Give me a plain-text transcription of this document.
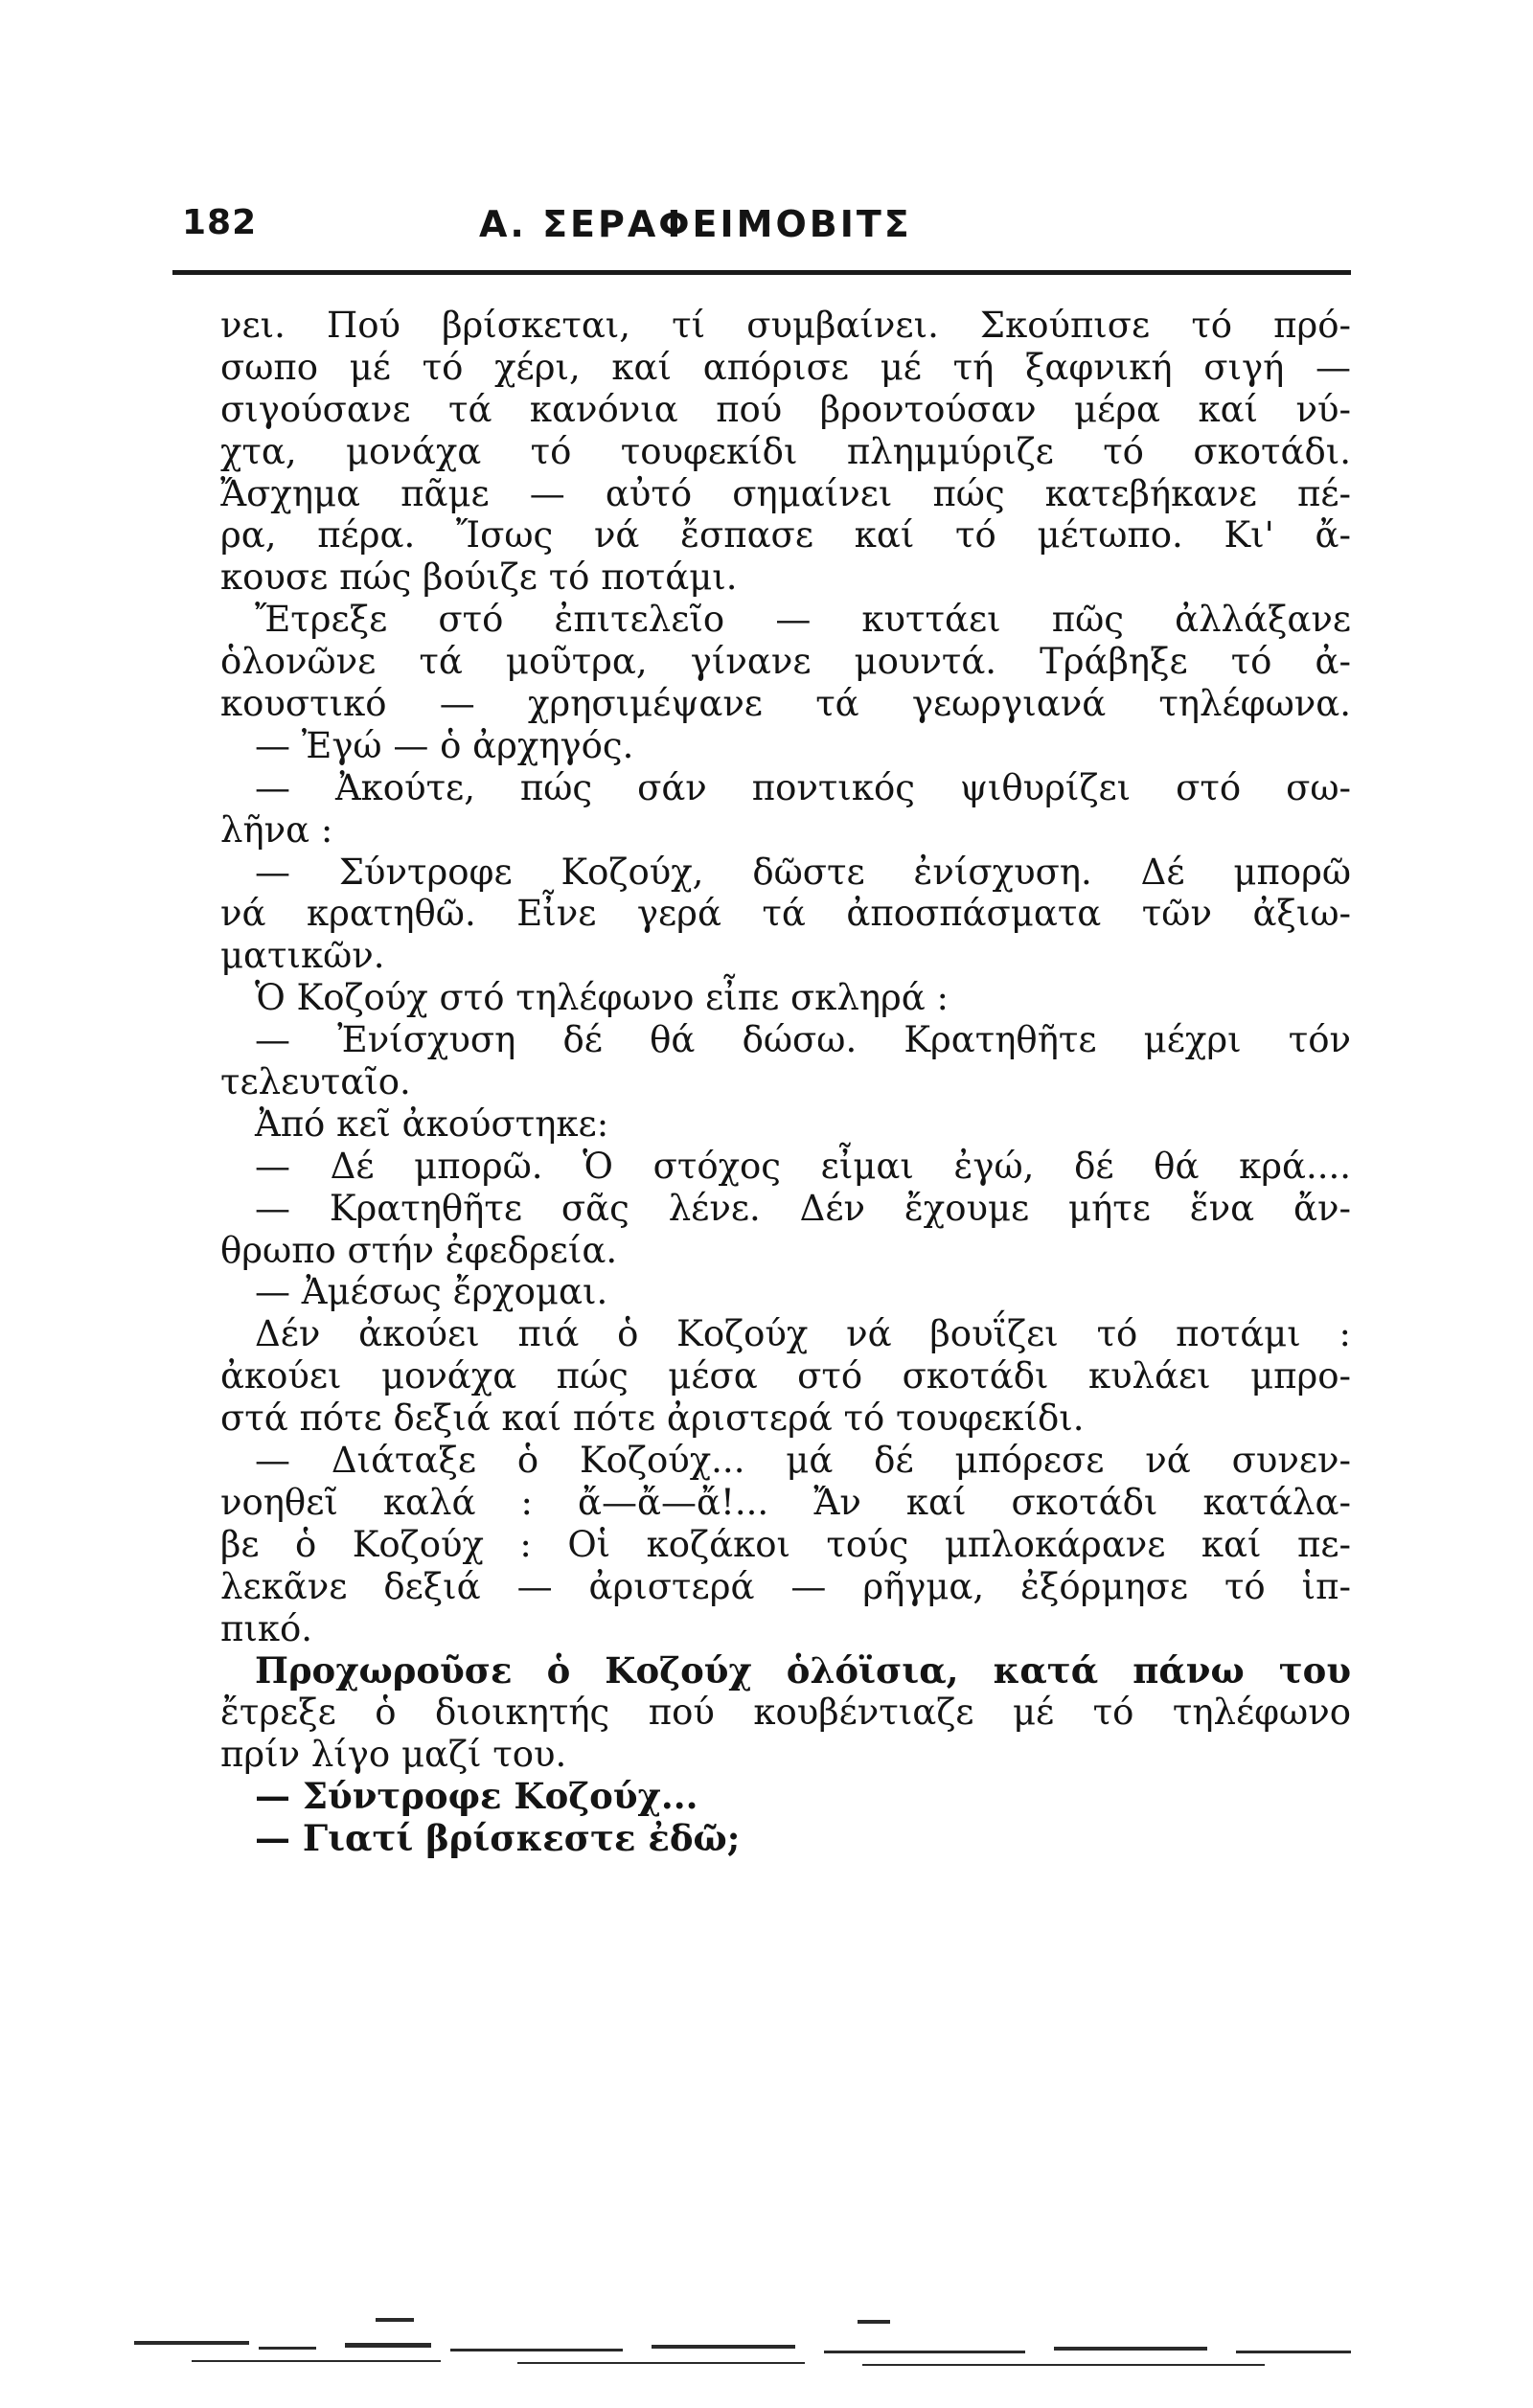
182	Α. ΣΕΡΑΦΕΙΜΟΒΙΤΣ
νει. Πού βρίσκεται, τί συμβαίνει. Σκούπισε τό πρό-
σωπο μέ τό χέρι, καί απόρισε μέ τή ξαφνική σιγή —
σιγούσανε τά κανόνια πού βροντούσαν μέρα καί νύ-
χτα, μονάχα τό τουφεκίδι πλημμύριζε τό σκοτάδι.
Ἄσχημα πᾶμε — αὐτό σημαίνει πώς κατεβήκανε πέ-
ρα, πέρα. Ἴσως νά ἔσπασε καί τό μέτωπο. Κι' ἄ-
κουσε πώς βούιζε τό ποτάμι.
Ἔτρεξε στό ἐπιτελεῖο — κυττάει πῶς ἀλλάξανε
ὁλονῶνε τά μοῦτρα, γίνανε μουντά. Τράβηξε τό ἀ-
κουστικό — χρησιμέψανε τά γεωργιανά τηλέφωνα.
— Ἐγώ — ὁ ἀρχηγός.
— Ἀκούτε, πώς σάν ποντικός ψιθυρίζει στό σω-
λῆνα :
— Σύντροφε Κοζούχ, δῶστε ἐνίσχυση. Δέ μπορῶ
νά κρατηθῶ. Εἶνε γερά τά ἀποσπάσματα τῶν ἀξιω-
ματικῶν.
Ὁ Κοζούχ στό τηλέφωνο εἶπε σκληρά :
— Ἐνίσχυση δέ θά δώσω. Κρατηθῆτε μέχρι τόν
τελευταῖο.
Ἀπό κεῖ ἀκούστηκε:
— Δέ μπορῶ. Ὁ στόχος εἶμαι ἐγώ, δέ θά κρά....
— Κρατηθῆτε σᾶς λένε. Δέν ἔχουμε μήτε ἕνα ἄν-
θρωπο στήν ἐφεδρεία.
— Ἀμέσως ἔρχομαι.
Δέν ἀκούει πιά ὁ Κοζούχ νά βουΐζει τό ποτάμι :
ἀκούει μονάχα πώς μέσα στό σκοτάδι κυλάει μπρο-
στά πότε δεξιά καί πότε ἀριστερά τό τουφεκίδι.
— Διάταξε ὁ Κοζούχ... μά δέ μπόρεσε νά συνεν-
νοηθεῖ καλά : ἄ—ἄ—ἄ!... Ἄν καί σκοτάδι κατάλα-
βε ὁ Κοζούχ : Οἱ κοζάκοι τούς μπλοκάρανε καί πε-
λεκᾶνε δεξιά — ἀριστερά — ρῆγμα, ἐξόρμησε τό ἱπ-
πικό.
Προχωροῦσε ὁ Κοζούχ ὁλόϊσια, κατά πάνω του
ἔτρεξε ὁ διοικητής πού κουβέντιαζε μέ τό τηλέφωνο
πρίν λίγο μαζί του.
— Σύντροφε Κοζούχ...
— Γιατί βρίσκεστε ἐδῶ;
